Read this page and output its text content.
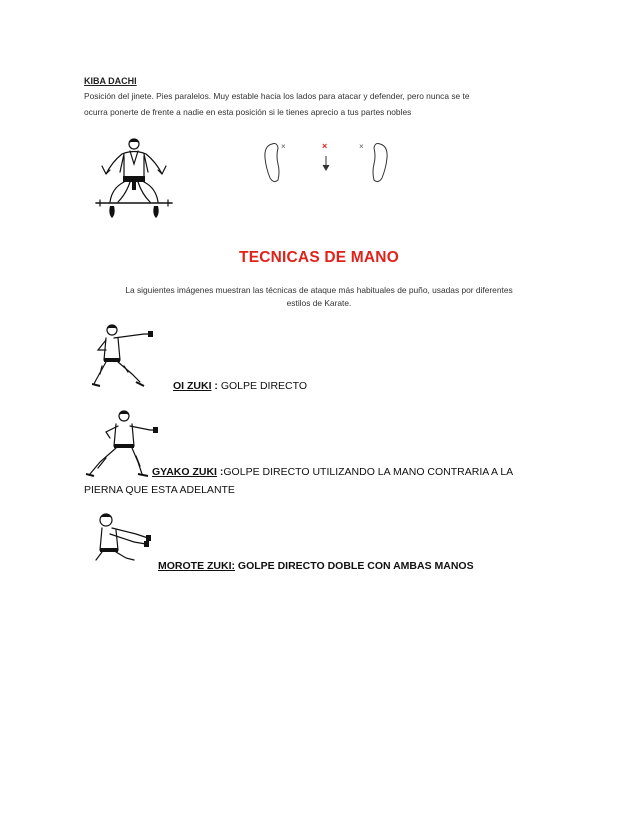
KIBA DACHI
Posición del jinete. Pies paralelos. Muy estable hacia los lados para atacar y defender, pero nunca se te
ocurra ponerte de frente a nadie en esta posición si le tienes aprecio a tus partes nobles
×	×	×
TECNICAS DE MANO
La siguientes imágenes muestran las técnicas de ataque más habituales de puño, usadas por diferentes
estilos de Karate.
OI ZUKI : GOLPE DIRECTO
GYAKO ZUKI :GOLPE DIRECTO UTILIZANDO LA MANO CONTRARIA A LA
PIERNA QUE ESTA ADELANTE
MOROTE ZUKI: GOLPE DIRECTO DOBLE CON AMBAS MANOS
